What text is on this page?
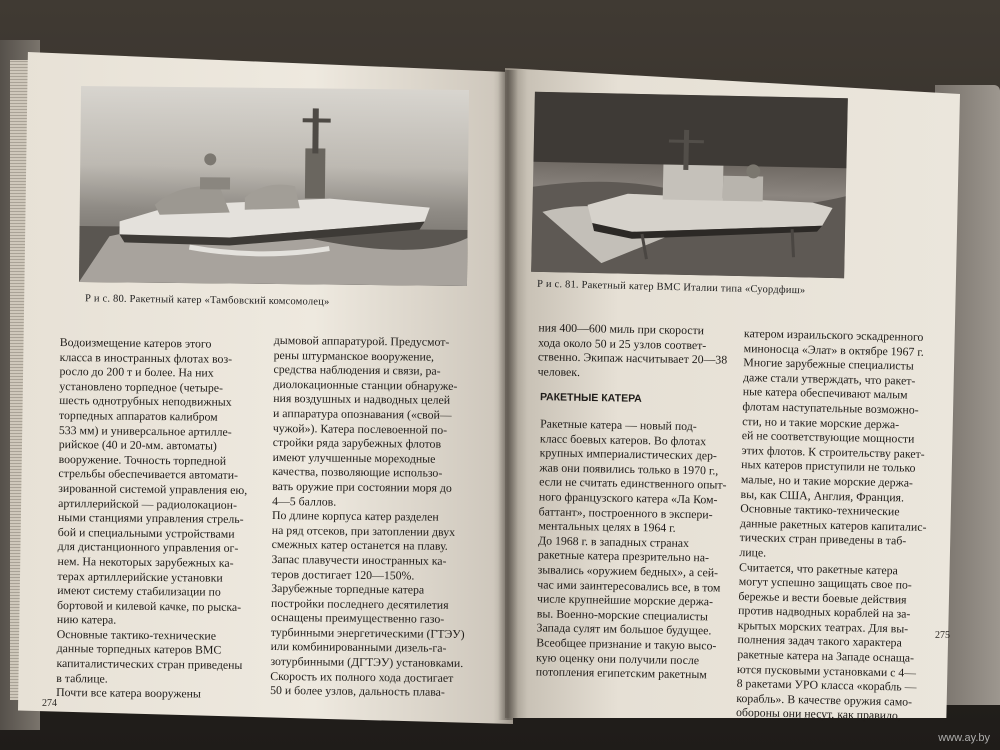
Р и с. 80. Ракетный катер «Тамбовский комсомолец»
Р и с. 81. Ракетный катер ВМС Италии типа «Суордфиш»
Водоизмещение катеров этого
класса в иностранных флотах воз-
росло до 200 т и более. На них
установлено торпедное (четыре-
шесть однотрубных неподвижных
торпедных аппаратов калибром
533 мм) и универсальное артилле-
рийское (40 и 20-мм. автоматы)
вооружение. Точность торпедной
стрельбы обеспечивается автомати-
зированной системой управления ею,
артиллерийской — радиолокацион-
ными станциями управления стрель-
бой и специальными устройствами
для дистанционного управления ог-
нем. На некоторых зарубежных ка-
терах артиллерийские установки
имеют систему стабилизации по
бортовой и килевой качке, по рыска-
нию катера.
Основные тактико-технические
данные торпедных катеров ВМС
капиталистических стран приведены
в таблице.
Почти все катера вооружены
дымовой аппаратурой. Предусмот-
рены штурманское вооружение,
средства наблюдения и связи, ра-
диолокационные станции обнаруже-
ния воздушных и надводных целей
и аппаратура опознавания («свой—
чужой»). Катера послевоенной по-
стройки ряда зарубежных флотов
имеют улучшенные мореходные
качества, позволяющие использо-
вать оружие при состоянии моря до
4—5 баллов.
По длине корпуса катер разделен
на ряд отсеков, при затоплении двух
смежных катер останется на плаву.
Запас плавучести иностранных ка-
теров достигает 120—150%.
Зарубежные торпедные катера
постройки последнего десятилетия
оснащены преимущественно газо-
турбинными энергетическими (ГТЭУ)
или комбинированными дизель-га-
зотурбинными (ДГТЭУ) установками.
Скорость их полного хода достигает
50 и более узлов, дальность плава-
274
ния 400—600 миль при скорости
хода около 50 и 25 узлов соответ-
ственно. Экипаж насчитывает 20—38
человек.
РАКЕТНЫЕ КАТЕРА
Ракетные катера — новый под-
класс боевых катеров. Во флотах
крупных империалистических дер-
жав они появились только в 1970 г.,
если не считать единственного опыт-
ного французского катера «Ла Ком-
баттант», построенного в экспери-
ментальных целях в 1964 г.
До 1968 г. в западных странах
ракетные катера презрительно на-
зывались «оружием бедных», а сей-
час ими заинтересовались все, в том
числе крупнейшие морские держа-
вы. Военно-морские специалисты
Запада сулят им большое будущее.
Всеобщее признание и такую высо-
кую оценку они получили после
потопления египетским ракетным
катером израильского эскадренного
миноносца «Элат» в октябре 1967 г.
Многие зарубежные специалисты
даже стали утверждать, что ракет-
ные катера обеспечивают малым
флотам наступательные возможно-
сти, но и такие морские держа-
ей не соответствующие мощности
этих флотов. К строительству ракет-
ных катеров приступили не только
малые, но и такие морские держа-
вы, как США, Англия, Франция.
Основные тактико-технические
данные ракетных катеров капиталис-
тических стран приведены в таб-
лице.
Считается, что ракетные катера
могут успешно защищать свое по-
бережье и вести боевые действия
против надводных кораблей на за-
крытых морских театрах. Для вы-
полнения задач такого характера
ракетные катера на Западе оснаща-
ются пусковыми установками с 4—
8 ракетами УРО класса «корабль —
корабль». В качестве оружия само-
обороны они несут, как правило,
275
www.ay.by
